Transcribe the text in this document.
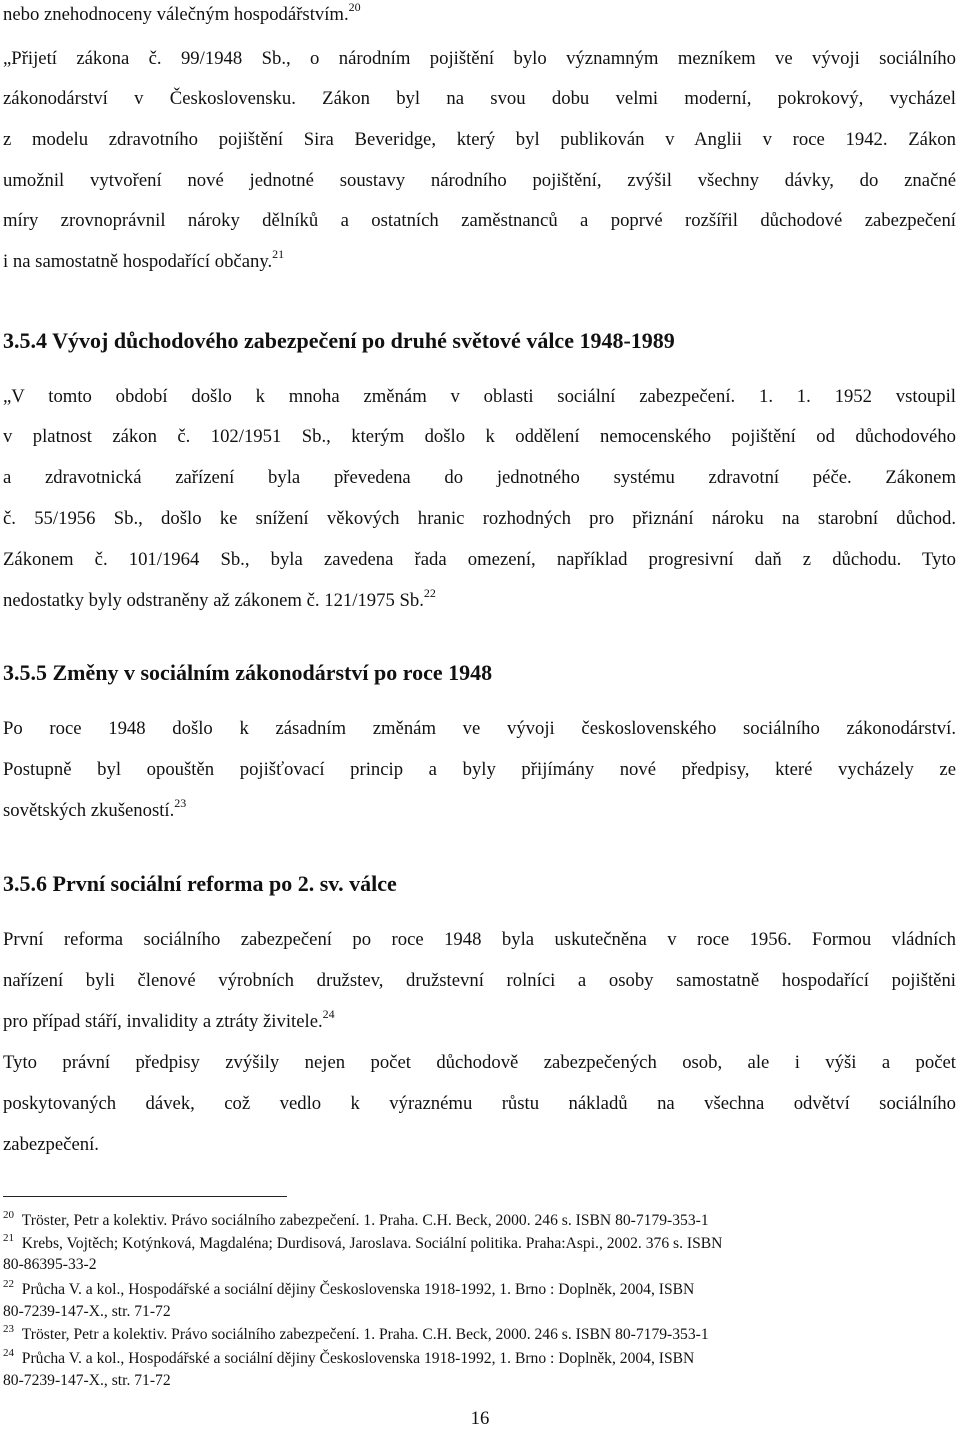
nebo znehodnoceny válečným hospodářstvím.$^{20}$
„Přijetí zákona č. 99/1948 Sb., o národním pojištění bylo významným mezníkem ve vývoji sociálního
zákonodárství v Československu. Zákon byl na svou dobu velmi moderní, pokrokový, vycházel
z modelu zdravotního pojištění Sira Beveridge, který byl publikován v Anglii v roce 1942. Zákon
umožnil vytvoření nové jednotné soustavy národního pojištění, zvýšil všechny dávky, do značné
míry zrovnoprávnil nároky dělníků a ostatních zaměstnanců a poprvé rozšířil důchodové zabezpečení
i na samostatně hospodařící občany.$^{21}$
3.5.4 Vývoj důchodového zabezpečení po druhé světové válce 1948-1989
„V tomto období došlo k mnoha změnám v oblasti sociální zabezpečení. 1. 1. 1952 vstoupil
v platnost zákon č. 102/1951 Sb., kterým došlo k oddělení nemocenského pojištění od důchodového
a zdravotnická zařízení byla převedena do jednotného systému zdravotní péče. Zákonem
č. 55/1956 Sb., došlo ke snížení věkových hranic rozhodných pro přiznání nároku na starobní důchod.
Zákonem č. 101/1964 Sb., byla zavedena řada omezení, například progresivní daň z důchodu. Tyto
nedostatky byly odstraněny až zákonem č. 121/1975 Sb.$^{22}$
3.5.5 Změny v sociálním zákonodárství po roce 1948
Po roce 1948 došlo k zásadním změnám ve vývoji československého sociálního zákonodárství.
Postupně byl opouštěn pojišťovací princip a byly přijímány nové předpisy, které vycházely ze
sovětských zkušeností.$^{23}$
3.5.6 První sociální reforma po 2. sv. válce
První reforma sociálního zabezpečení po roce 1948 byla uskutečněna v roce 1956. Formou vládních
nařízení byli členové výrobních družstev, družstevní rolníci a osoby samostatně hospodařící pojištěni
pro případ stáří, invalidity a ztráty živitele.$^{24}$
Tyto právní předpisy zvýšily nejen počet důchodově zabezpečených osob, ale i výši a počet
poskytovaných dávek, což vedlo k výraznému růstu nákladů na všechna odvětví sociálního
zabezpečení.
$^{20}$ Tröster, Petr a kolektiv. Právo sociálního zabezpečení. 1. Praha. C.H. Beck, 2000. 246 s. ISBN 80-7179-353-1
$^{21}$ Krebs, Vojtěch; Kotýnková, Magdaléna; Durdisová, Jaroslava. Sociální politika. Praha:Aspi., 2002. 376 s. ISBN
80-86395-33-2
$^{22}$ Průcha V. a kol., Hospodářské a sociální dějiny Československa 1918-1992, 1. Brno : Doplněk, 2004, ISBN
80-7239-147-X., str. 71-72
$^{23}$ Tröster, Petr a kolektiv. Právo sociálního zabezpečení. 1. Praha. C.H. Beck, 2000. 246 s. ISBN 80-7179-353-1
$^{24}$ Průcha V. a kol., Hospodářské a sociální dějiny Československa 1918-1992, 1. Brno : Doplněk, 2004, ISBN
80-7239-147-X., str. 71-72
16
